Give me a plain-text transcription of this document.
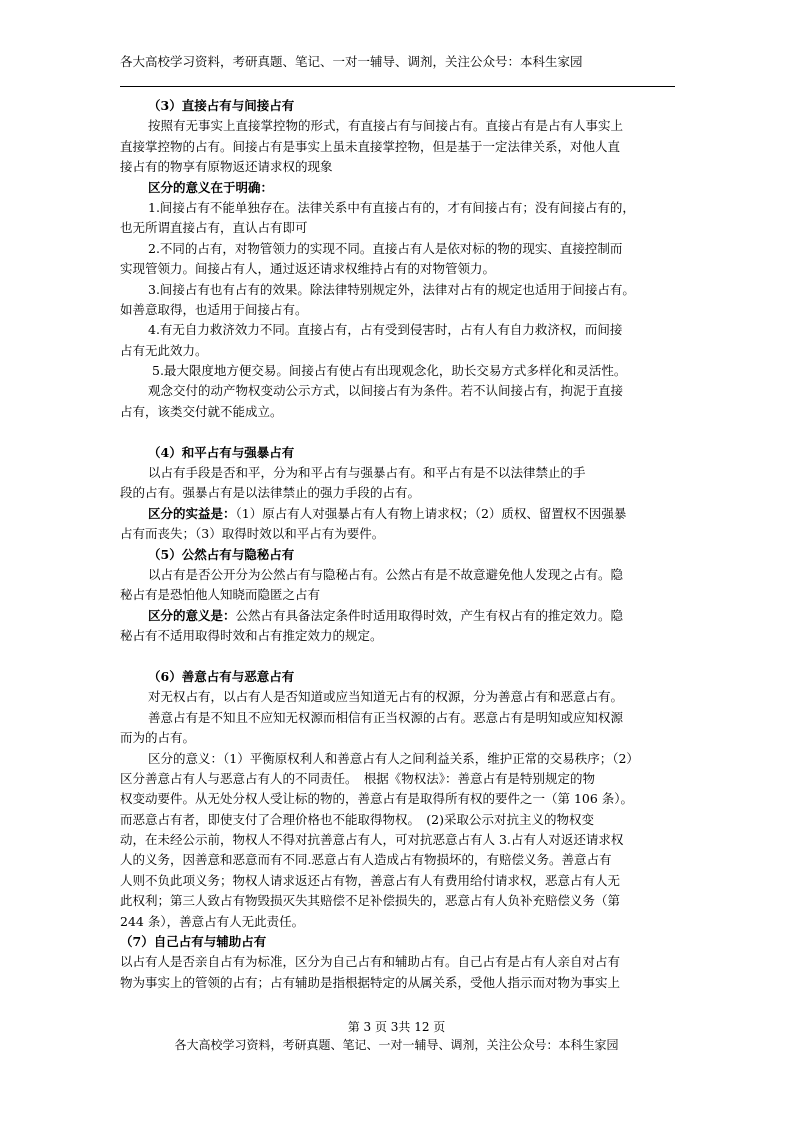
各大高校学习资料，考研真题、笔记、一对一辅导、调剂，关注公众号：本科生家园
（3）直接占有与间接占有
按照有无事实上直接掌控物的形式，有直接占有与间接占有。直接占有是占有人事实上
直接掌控物的占有。间接占有是事实上虽未直接掌控物，但是基于一定法律关系，对他人直
接占有的物享有原物返还请求权的现象
区分的意义在于明确：
1.间接占有不能单独存在。法律关系中有直接占有的，才有间接占有；没有间接占有的，
也无所谓直接占有，直认占有即可
2.不同的占有，对物管领力的实现不同。直接占有人是依对标的物的现实、直接控制而
实现管领力。间接占有人，通过返还请求权维持占有的对物管领力。
3.间接占有也有占有的效果。除法律特别规定外，法律对占有的规定也适用于间接占有。
如善意取得，也适用于间接占有。
4.有无自力救济效力不同。直接占有，占有受到侵害时，占有人有自力救济权，而间接
占有无此效力。
5.最大限度地方便交易。间接占有使占有出现观念化，助长交易方式多样化和灵活性。
观念交付的动产物权变动公示方式，以间接占有为条件。若不认间接占有，拘泥于直接
占有，该类交付就不能成立。
（4）和平占有与强暴占有
以占有手段是否和平，分为和平占有与强暴占有。和平占有是不以法律禁止的手
段的占有。强暴占有是以法律禁止的强力手段的占有。
区分的实益是：（1）原占有人对强暴占有人有物上请求权；（2）质权、留置权不因强暴
占有而丧失；（3）取得时效以和平占有为要件。
（5）公然占有与隐秘占有
以占有是否公开分为公然占有与隐秘占有。公然占有是不故意避免他人发现之占有。隐
秘占有是恐怕他人知晓而隐匿之占有
区分的意义是：公然占有具备法定条件时适用取得时效，产生有权占有的推定效力。隐
秘占有不适用取得时效和占有推定效力的规定。
（6）善意占有与恶意占有
对无权占有，以占有人是否知道或应当知道无占有的权源，分为善意占有和恶意占有。
善意占有是不知且不应知无权源而相信有正当权源的占有。恶意占有是明知或应知权源
而为的占有。
区分的意义：（1）平衡原权利人和善意占有人之间利益关系，维护正常的交易秩序；（2）
区分善意占有人与恶意占有人的不同责任。　根据《物权法》：善意占有是特别规定的物
权变动要件。从无处分权人受让标的物的，善意占有是取得所有权的要件之一（第 106 条）。
而恶意占有者，即使支付了合理价格也不能取得物权。　(2)采取公示对抗主义的物权变
动，在未经公示前，物权人不得对抗善意占有人，可对抗恶意占有人 3.占有人对返还请求权
人的义务，因善意和恶意而有不同.恶意占有人造成占有物损坏的，有赔偿义务。善意占有
人则不负此项义务；物权人请求返还占有物，善意占有人有费用给付请求权，恶意占有人无
此权利；第三人致占有物毁损灭失其赔偿不足补偿损失的，恶意占有人负补充赔偿义务（第
244 条），善意占有人无此责任。
（7）自己占有与辅助占有
以占有人是否亲自占有为标准，区分为自己占有和辅助占有。自己占有是占有人亲自对占有
物为事实上的管领的占有；占有辅助是指根据特定的从属关系，受他人指示而对物为事实上
第 3 页 3共 12 页
各大高校学习资料，考研真题、笔记、一对一辅导、调剂，关注公众号：本科生家园
